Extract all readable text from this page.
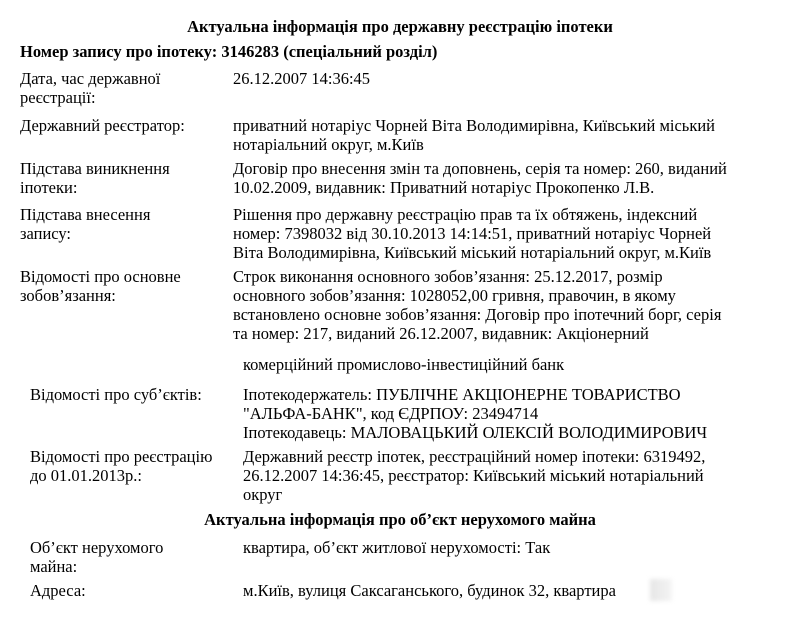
Актуальна інформація про державну реєстрацію іпотеки
Номер запису про іпотеку: 3146283 (спеціальний розділ)
Дата, час державної
реєстрації:
26.12.2007 14:36:45
Державний реєстратор:	приватний нотаріус Чорней Віта Володимирівна, Київський міський
нотаріальний округ, м.Київ
Підстава виникнення
іпотеки:
Договір про внесення змін та доповнень, серія та номер: 260, виданий
10.02.2009, видавник: Приватний нотаріус Прокопенко Л.В.
Підстава внесення
запису:
Рішення про державну реєстрацію прав та їх обтяжень, індексний
номер: 7398032 від 30.10.2013 14:14:51, приватний нотаріус Чорней
Віта Володимирівна, Київський міський нотаріальний округ, м.Київ
Відомості про основне
зобов’язання:
Строк виконання основного зобов’язання: 25.12.2017, розмір
основного зобов’язання: 1028052,00 гривня, правочин, в якому
встановлено основне зобов’язання: Договір про іпотечний борг, серія
та номер: 217, виданий 26.12.2007, видавник: Акціонерний
комерційний промислово-інвестиційний банк
Відомості про суб’єктів: Іпотекодержатель: ПУБЛІЧНЕ АКЦІОНЕРНЕ ТОВАРИСТВО
"АЛЬФА-БАНК", код ЄДРПОУ: 23494714
Іпотекодавець: МАЛОВАЦЬКИЙ ОЛЕКСІЙ ВОЛОДИМИРОВИЧ
Відомості про реєстрацію
до 01.01.2013р.:
Державний реєстр іпотек, реєстраційний номер іпотеки: 6319492,
26.12.2007 14:36:45, реєстратор: Київський міський нотаріальний
округ
Актуальна інформація про об’єкт нерухомого майна
Об’єкт нерухомого
майна:
квартира, об’єкт житлової нерухомості: Так
Адреса:	м.Київ, вулиця Саксаганського, будинок 32, квартира
